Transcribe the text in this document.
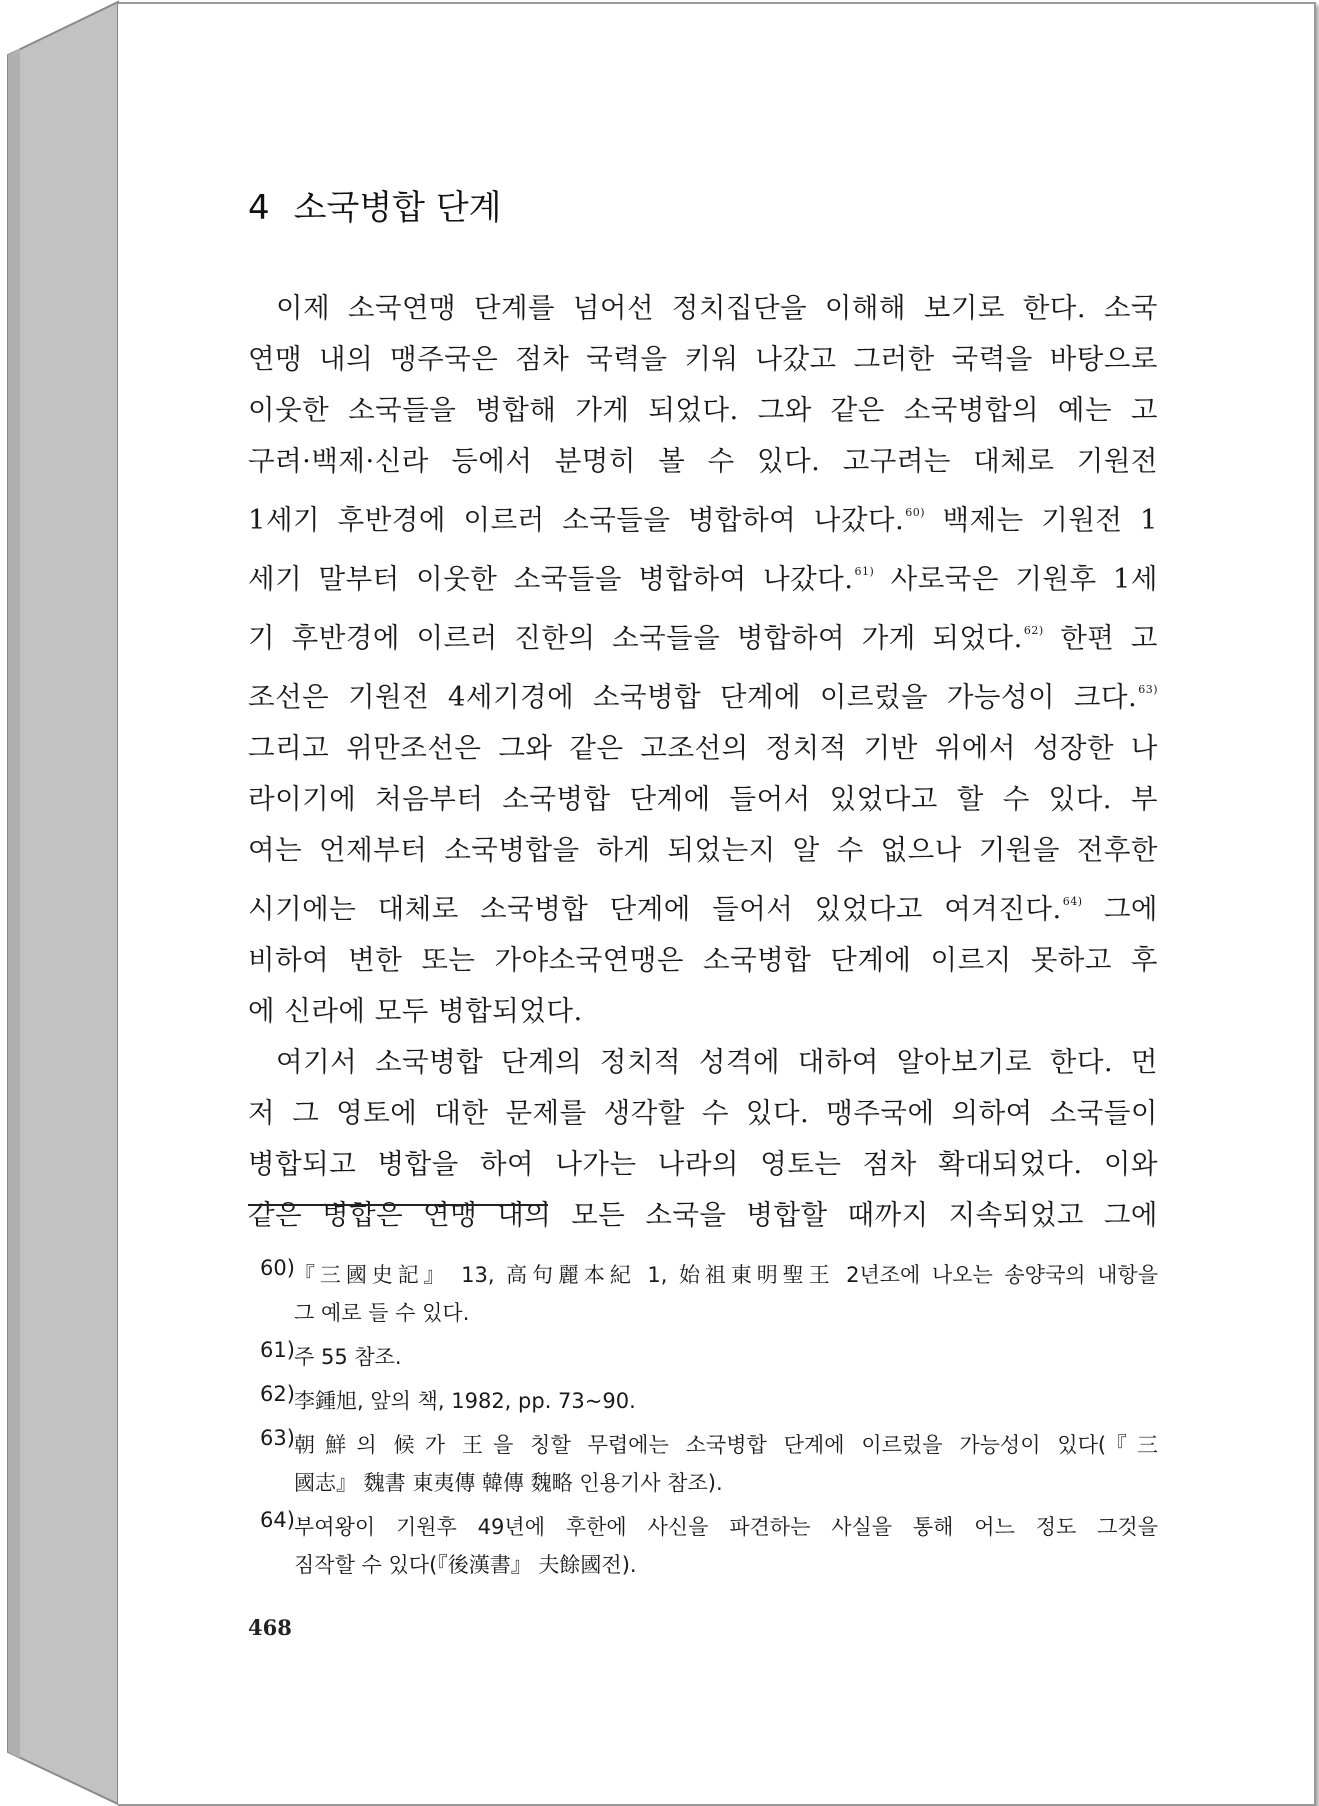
4 소국병합 단계

이제 소국연맹 단계를 넘어선 정치집단을 이해해 보기로 한다. 소국

연맹 내의 맹주국은 점차 국력을 키워 나갔고 그러한 국력을 바탕으로

이웃한 소국들을 병합해 가게 되었다. 그와 같은 소국병합의 예는 고

구려·백제·신라 등에서 분명히 볼 수 있다. 고구려는 대체로 기원전

1세기 후반경에 이르러 소국들을 병합하여 나갔다.$^{60)}$ 백제는 기원전 1

세기 말부터 이웃한 소국들을 병합하여 나갔다.$^{61)}$ 사로국은 기원후 1세

기 후반경에 이르러 진한의 소국들을 병합하여 가게 되었다.$^{62)}$ 한편 고

조선은 기원전 4세기경에 소국병합 단계에 이르렀을 가능성이 크다.$^{63)}$

그리고 위만조선은 그와 같은 고조선의 정치적 기반 위에서 성장한 나

라이기에 처음부터 소국병합 단계에 들어서 있었다고 할 수 있다. 부

여는 언제부터 소국병합을 하게 되었는지 알 수 없으나 기원을 전후한

시기에는 대체로 소국병합 단계에 들어서 있었다고 여겨진다.$^{64)}$ 그에

비하여 변한 또는 가야소국연맹은 소국병합 단계에 이르지 못하고 후

에 신라에 모두 병합되었다.

여기서 소국병합 단계의 정치적 성격에 대하여 알아보기로 한다. 먼

저 그 영토에 대한 문제를 생각할 수 있다. 맹주국에 의하여 소국들이

병합되고 병합을 하여 나가는 나라의 영토는 점차 확대되었다. 이와

같은 병합은 연맹 내의 모든 소국을 병합할 때까지 지속되었고 그에

60) 『三國史記』 13, 高句麗本紀 1, 始祖東明聖王 2년조에 나오는 송양국의 내항을
그 예로 들 수 있다.
61) 주 55 참조.
62) 李鍾旭, 앞의 책, 1982, pp. 73~90.
63) 朝鮮의 候가 王을 칭할 무렵에는 소국병합 단계에 이르렀을 가능성이 있다(『三
國志』 魏書 東夷傳 韓傳 魏略 인용기사 참조).
64) 부여왕이 기원후 49년에 후한에 사신을 파견하는 사실을 통해 어느 정도 그것을
짐작할 수 있다(『後漢書』 夫餘國전).
468
